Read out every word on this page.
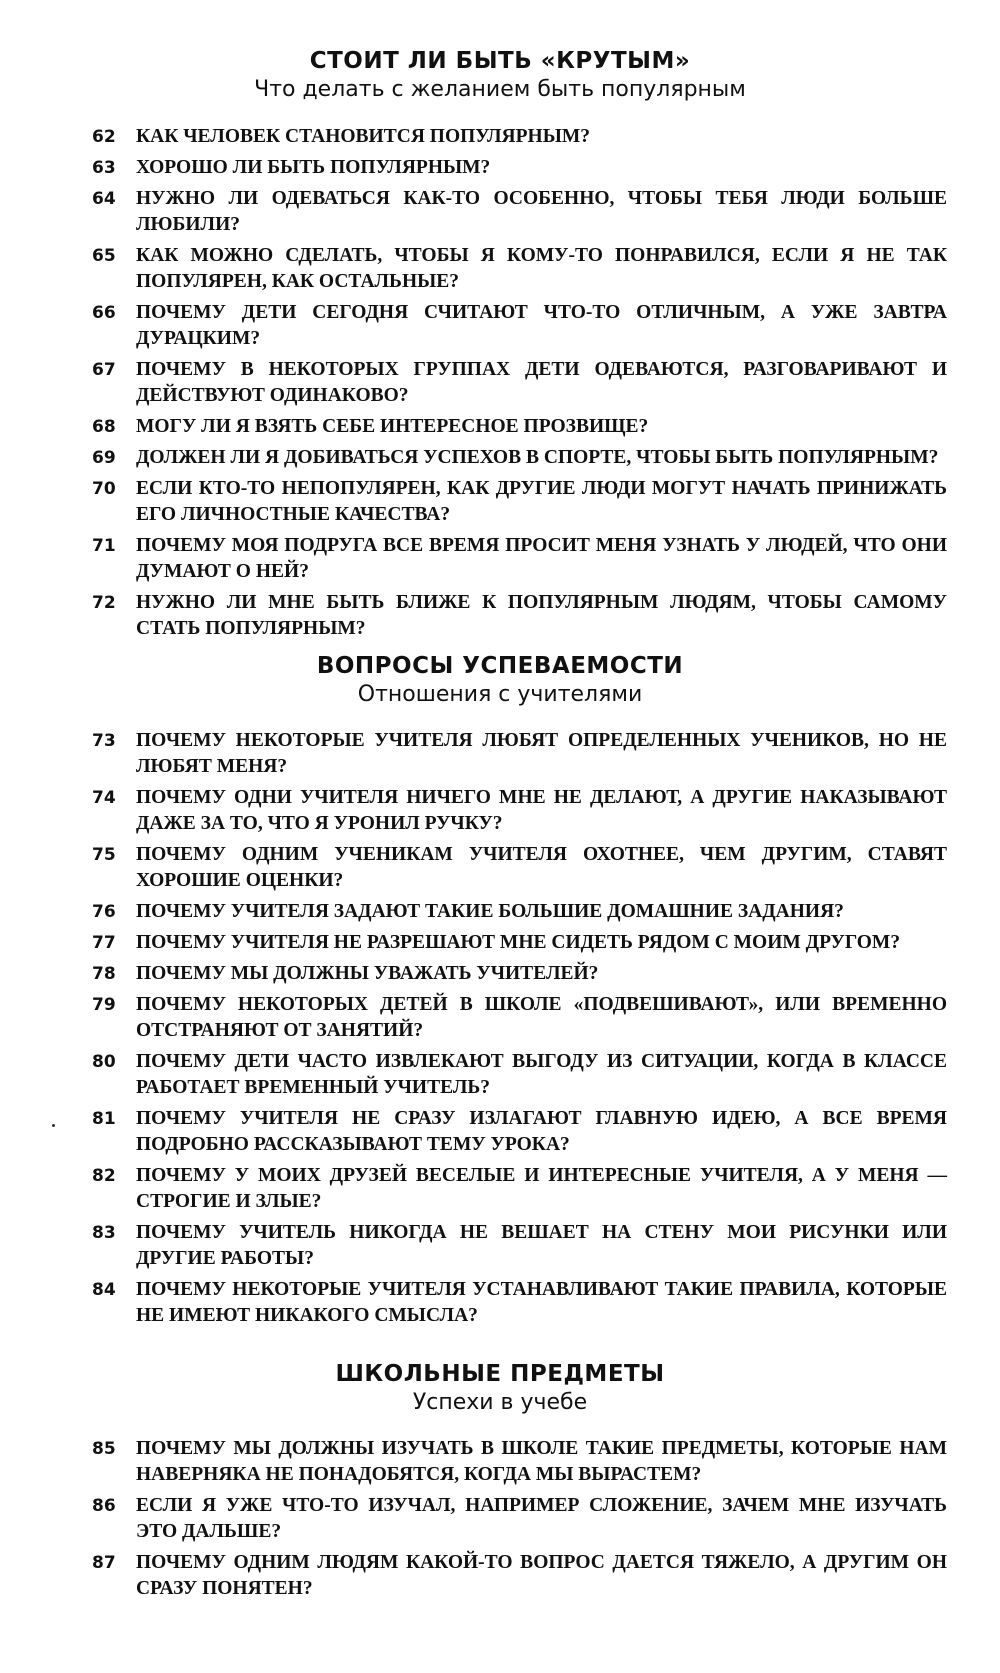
СТОИТ ЛИ БЫТЬ «КРУТЫМ»
Что делать с желанием быть популярным
62 КАК ЧЕЛОВЕК СТАНОВИТСЯ ПОПУЛЯРНЫМ?
63 ХОРОШО ЛИ БЫТЬ ПОПУЛЯРНЫМ?
64 НУЖНО ЛИ ОДЕВАТЬСЯ КАК-ТО ОСОБЕННО, ЧТОБЫ ТЕБЯ ЛЮДИ БОЛЬШЕ ЛЮБИЛИ?
65 КАК МОЖНО СДЕЛАТЬ, ЧТОБЫ Я КОМУ-ТО ПОНРАВИЛСЯ, ЕСЛИ Я НЕ ТАК ПОПУЛЯРЕН, КАК ОСТАЛЬНЫЕ?
66 ПОЧЕМУ ДЕТИ СЕГОДНЯ СЧИТАЮТ ЧТО-ТО ОТЛИЧНЫМ, А УЖЕ ЗАВТРА ДУРАЦКИМ?
67 ПОЧЕМУ В НЕКОТОРЫХ ГРУППАХ ДЕТИ ОДЕВАЮТСЯ, РАЗГОВАРИВАЮТ И ДЕЙСТВУЮТ ОДИНАКОВО?
68 МОГУ ЛИ Я ВЗЯТЬ СЕБЕ ИНТЕРЕСНОЕ ПРОЗВИЩЕ?
69 ДОЛЖЕН ЛИ Я ДОБИВАТЬСЯ УСПЕХОВ В СПОРТЕ, ЧТОБЫ БЫТЬ ПОПУЛЯРНЫМ?
70 ЕСЛИ КТО-ТО НЕПОПУЛЯРЕН, КАК ДРУГИЕ ЛЮДИ МОГУТ НАЧАТЬ ПРИНИЖАТЬ ЕГО ЛИЧНОСТНЫЕ КАЧЕСТВА?
71 ПОЧЕМУ МОЯ ПОДРУГА ВСЕ ВРЕМЯ ПРОСИТ МЕНЯ УЗНАТЬ У ЛЮДЕЙ, ЧТО ОНИ ДУМАЮТ О НЕЙ?
72 НУЖНО ЛИ МНЕ БЫТЬ БЛИЖЕ К ПОПУЛЯРНЫМ ЛЮДЯМ, ЧТОБЫ САМОМУ СТАТЬ ПОПУЛЯРНЫМ?
ВОПРОСЫ УСПЕВАЕМОСТИ
Отношения с учителями
73 ПОЧЕМУ НЕКОТОРЫЕ УЧИТЕЛЯ ЛЮБЯТ ОПРЕДЕЛЕННЫХ УЧЕНИКОВ, НО НЕ ЛЮБЯТ МЕНЯ?
74 ПОЧЕМУ ОДНИ УЧИТЕЛЯ НИЧЕГО МНЕ НЕ ДЕЛАЮТ, А ДРУГИЕ НАКАЗЫВАЮТ ДАЖЕ ЗА ТО, ЧТО Я УРОНИЛ РУЧКУ?
75 ПОЧЕМУ ОДНИМ УЧЕНИКАМ УЧИТЕЛЯ ОХОТНЕЕ, ЧЕМ ДРУГИМ, СТАВЯТ ХОРОШИЕ ОЦЕНКИ?
76 ПОЧЕМУ УЧИТЕЛЯ ЗАДАЮТ ТАКИЕ БОЛЬШИЕ ДОМАШНИЕ ЗАДАНИЯ?
77 ПОЧЕМУ УЧИТЕЛЯ НЕ РАЗРЕШАЮТ МНЕ СИДЕТЬ РЯДОМ С МОИМ ДРУГОМ?
78 ПОЧЕМУ МЫ ДОЛЖНЫ УВАЖАТЬ УЧИТЕЛЕЙ?
79 ПОЧЕМУ НЕКОТОРЫХ ДЕТЕЙ В ШКОЛЕ «ПОДВЕШИВАЮТ», ИЛИ ВРЕМЕННО ОТСТРАНЯЮТ ОТ ЗАНЯТИЙ?
80 ПОЧЕМУ ДЕТИ ЧАСТО ИЗВЛЕКАЮТ ВЫГОДУ ИЗ СИТУАЦИИ, КОГДА В КЛАССЕ РАБОТАЕТ ВРЕМЕННЫЙ УЧИТЕЛЬ?
81 ПОЧЕМУ УЧИТЕЛЯ НЕ СРАЗУ ИЗЛАГАЮТ ГЛАВНУЮ ИДЕЮ, А ВСЕ ВРЕМЯ ПОДРОБНО РАССКАЗЫВАЮТ ТЕМУ УРОКА?
82 ПОЧЕМУ У МОИХ ДРУЗЕЙ ВЕСЕЛЫЕ И ИНТЕРЕСНЫЕ УЧИТЕЛЯ, А У МЕНЯ — СТРОГИЕ И ЗЛЫЕ?
83 ПОЧЕМУ УЧИТЕЛЬ НИКОГДА НЕ ВЕШАЕТ НА СТЕНУ МОИ РИСУНКИ ИЛИ ДРУГИЕ РАБОТЫ?
84 ПОЧЕМУ НЕКОТОРЫЕ УЧИТЕЛЯ УСТАНАВЛИВАЮТ ТАКИЕ ПРАВИЛА, КОТОРЫЕ НЕ ИМЕЮТ НИКАКОГО СМЫСЛА?
ШКОЛЬНЫЕ ПРЕДМЕТЫ
Успехи в учебе
85 ПОЧЕМУ МЫ ДОЛЖНЫ ИЗУЧАТЬ В ШКОЛЕ ТАКИЕ ПРЕДМЕТЫ, КОТОРЫЕ НАМ НАВЕРНЯКА НЕ ПОНАДОБЯТСЯ, КОГДА МЫ ВЫРАСТЕМ?
86 ЕСЛИ Я УЖЕ ЧТО-ТО ИЗУЧАЛ, НАПРИМЕР СЛОЖЕНИЕ, ЗАЧЕМ МНЕ ИЗУЧАТЬ ЭТО ДАЛЬШЕ?
87 ПОЧЕМУ ОДНИМ ЛЮДЯМ КАКОЙ-ТО ВОПРОС ДАЕТСЯ ТЯЖЕЛО, А ДРУГИМ ОН СРАЗУ ПОНЯТЕН?
